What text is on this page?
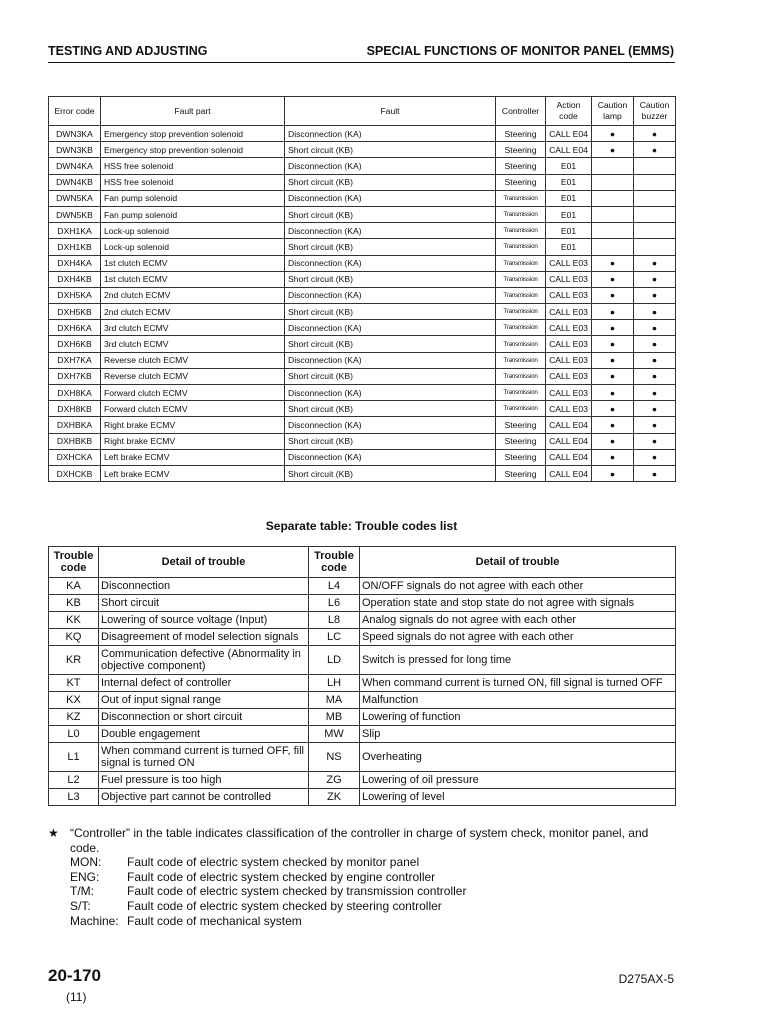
TESTING AND ADJUSTING	SPECIAL FUNCTIONS OF MONITOR PANEL (EMMS)
Error code	Fault part	Fault	Controller	Action code	Caution lamp	Caution buzzer
DWN3KA	Emergency stop prevention solenoid	Disconnection (KA)	Steering	CALL E04	●	●
DWN3KB	Emergency stop prevention solenoid	Short circuit (KB)	Steering	CALL E04	●	●
DWN4KA	HSS free solenoid	Disconnection (KA)	Steering	E01		
DWN4KB	HSS free solenoid	Short circuit (KB)	Steering	E01		
DWN5KA	Fan pump solenoid	Disconnection (KA)	Transmission	E01		
DWN5KB	Fan pump solenoid	Short circuit (KB)	Transmission	E01		
DXH1KA	Lock-up solenoid	Disconnection (KA)	Transmission	E01		
DXH1KB	Lock-up solenoid	Short circuit (KB)	Transmission	E01		
DXH4KA	1st clutch ECMV	Disconnection (KA)	Transmission	CALL E03	●	●
DXH4KB	1st clutch ECMV	Short circuit (KB)	Transmission	CALL E03	●	●
DXH5KA	2nd clutch ECMV	Disconnection (KA)	Transmission	CALL E03	●	●
DXH5KB	2nd clutch ECMV	Short circuit (KB)	Transmission	CALL E03	●	●
DXH6KA	3rd clutch ECMV	Disconnection (KA)	Transmission	CALL E03	●	●
DXH6KB	3rd clutch ECMV	Short circuit (KB)	Transmission	CALL E03	●	●
DXH7KA	Reverse clutch ECMV	Disconnection (KA)	Transmission	CALL E03	●	●
DXH7KB	Reverse clutch ECMV	Short circuit (KB)	Transmission	CALL E03	●	●
DXH8KA	Forward clutch ECMV	Disconnection (KA)	Transmission	CALL E03	●	●
DXH8KB	Forward clutch ECMV	Short circuit (KB)	Transmission	CALL E03	●	●
DXHBKA	Right brake ECMV	Disconnection (KA)	Steering	CALL E04	●	●
DXHBKB	Right brake ECMV	Short circuit (KB)	Steering	CALL E04	●	●
DXHCKA	Left brake ECMV	Disconnection (KA)	Steering	CALL E04	●	●
DXHCKB	Left brake ECMV	Short circuit (KB)	Steering	CALL E04	●	●
Separate table: Trouble codes list
Trouble code	Detail of trouble	Trouble code	Detail of trouble
KA	Disconnection	L4	ON/OFF signals do not agree with each other
KB	Short circuit	L6	Operation state and stop state do not agree with signals
KK	Lowering of source voltage (Input)	L8	Analog signals do not agree with each other
KQ	Disagreement of model selection signals	LC	Speed signals do not agree with each other
KR	Communication defective (Abnormality in objective component)	LD	Switch is pressed for long time
KT	Internal defect of controller	LH	When command current is turned ON, fill signal is turned OFF
KX	Out of input signal range	MA	Malfunction
KZ	Disconnection or short circuit	MB	Lowering of function
L0	Double engagement	MW	Slip
L1	When command current is turned OFF, fill signal is turned ON	NS	Overheating
L2	Fuel pressure is too high	ZG	Lowering of oil pressure
L3	Objective part cannot be controlled	ZK	Lowering of level
★ “Controller” in the table indicates classification of the controller in charge of system check, monitor panel, and code.
MON: Fault code of electric system checked by monitor panel
ENG: Fault code of electric system checked by engine controller
T/M:	Fault code of electric system checked by transmission controller
S/T:	Fault code of electric system checked by steering controller
Machine: Fault code of mechanical system
20-170
(11)
D275AX-5
